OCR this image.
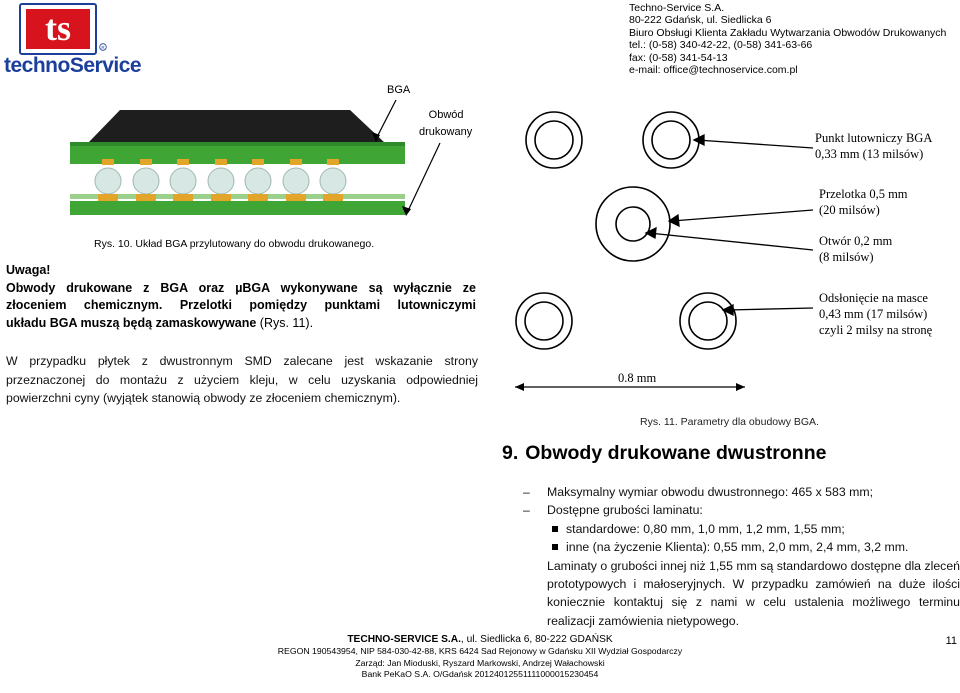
ts	R
technoService
Techno-Service S.A.
80-222 Gdańsk, ul. Siedlicka 6
Biuro Obsługi Klienta Zakładu Wytwarzania Obwodów Drukowanych
tel.: (0-58) 340-42-22, (0-58) 341-63-66
fax: (0-58) 341-54-13
e-mail: office@technoservice.com.pl
BGA
Obwód
drukowany
Rys. 10. Układ BGA przylutowany do obwodu drukowanego.
Punkt lutowniczy BGA
0,33 mm (13 milsów)
Przelotka 0,5 mm
(20 milsów)
Otwór 0,2 mm
(8 milsów)
Odsłonięcie na masce
0,43 mm (17 milsów)
czyli 2 milsy na stronę
0.8 mm
Rys. 11. Parametry dla obudowy BGA.
Uwaga!
Obwody drukowane z BGA oraz µBGA wykonywane są wyłącznie ze
złoceniem chemicznym. Przelotki pomiędzy punktami lutowniczymi
układu BGA muszą będą zamaskowywane (Rys. 11).
W przypadku płytek z dwustronnym SMD zalecane jest wskazanie strony
przeznaczonej do montażu z użyciem kleju, w celu uzyskania odpowiedniej
powierzchni cyny (wyjątek stanowią obwody ze złoceniem chemicznym).
9. Obwody drukowane dwustronne
– Maksymalny wymiar obwodu dwustronnego: 465 x 583 mm;
– Dostępne grubości laminatu:
standardowe: 0,80 mm, 1,0 mm, 1,2 mm, 1,55 mm;
inne (na życzenie Klienta): 0,55 mm, 2,0 mm, 2,4 mm, 3,2 mm.
Laminaty o grubości innej niż 1,55 mm są standardowo dostępne dla zleceń prototypowych i małoseryjnych. W przypadku zamówień na duże ilości koniecznie kontaktuj się z nami w celu ustalenia możliwego terminu realizacji zamówienia nietypowego.
TECHNO-SERVICE S.A., ul. Siedlicka 6, 80-222 GDAŃSK
REGON 190543954, NIP 584-030-42-88, KRS 6424 Sad Rejonowy w Gdańsku XII Wydział Gospodarczy
Zarząd: Jan Mioduski, Ryszard Markowski, Andrzej Wałachowski
Bank PeKaO S.A. O/Gdańsk 20124012551111000015230454
11
